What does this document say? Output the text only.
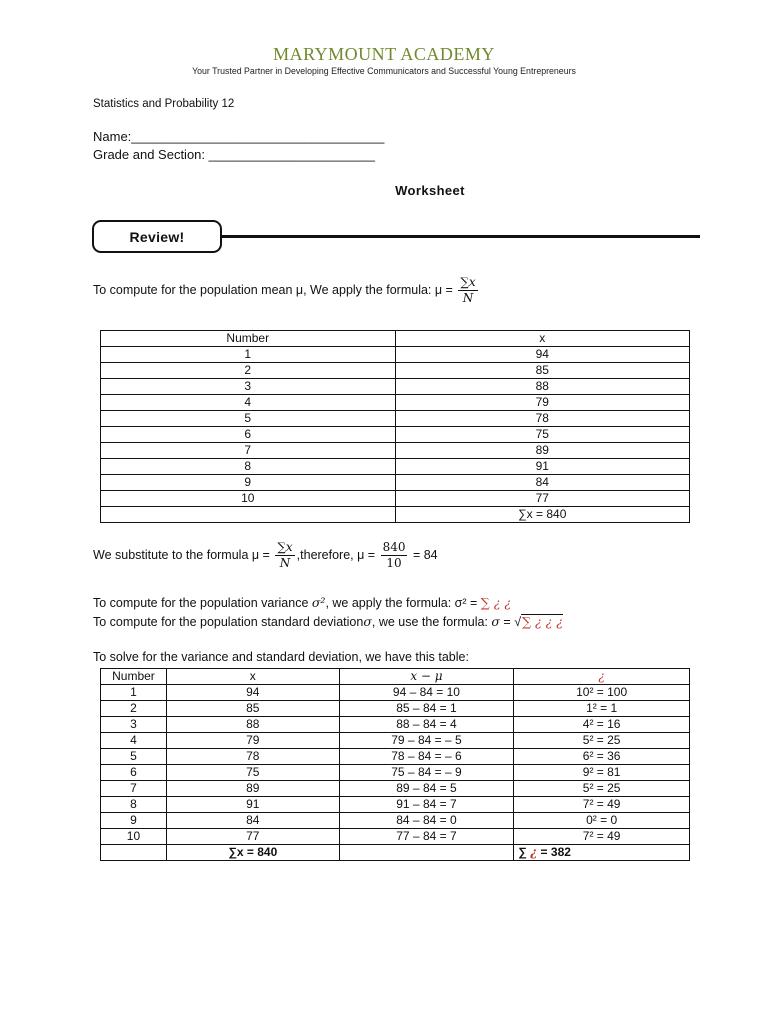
MARYMOUNT ACADEMY
Your Trusted Partner in Developing Effective Communicators and Successful Young Entrepreneurs
Statistics and Probability 12
Name:___________________________________
Grade and Section: _______________________
Worksheet
Review!
To compute for the population mean μ, We apply the formula: $\mu = \frac{\sum x}{N}$
Number	x
1	94
2	85
3	88
4	79
5	78
6	75
7	89
8	91
9	84
10	77
	∑x = 840
We substitute to the formula $\mu = \frac{\sum x}{N}$ ,therefore, $\mu = \frac{840}{10} = 84$
To compute for the population variance σ², we apply the formula: σ² = ∑ ¿ ¿
To compute for the population standard deviationσ, we use the formula: σ = √∑ ¿ ¿ ¿
To solve for the variance and standard deviation, we have this table:
Number	x	x − μ	¿
1	94	94 – 84 = 10	10² = 100
2	85	85 – 84 = 1	1² = 1
3	88	88 – 84 = 4	4² = 16
4	79	79 – 84 = – 5	5² = 25
5	78	78 – 84 = – 6	6² = 36
6	75	75 – 84 = – 9	9² = 81
7	89	89 – 84 = 5	5² = 25
8	91	91 – 84 = 7	7² = 49
9	84	84 – 84 = 0	0² = 0
10	77	77 – 84 = 7	7² = 49
	∑x = 840		∑ ¿ = 382
